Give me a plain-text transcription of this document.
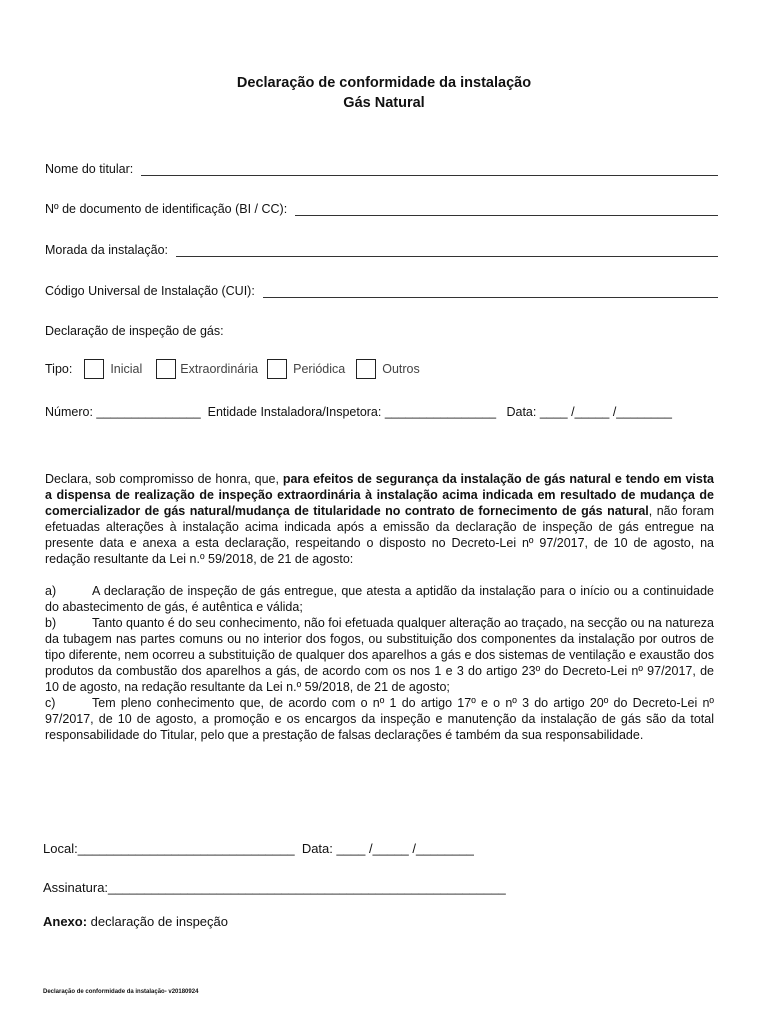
Declaração de conformidade da instalação
Gás Natural
Nome do titular:
Nº de documento de identificação (BI / CC):
Morada da instalação:
Código Universal de Instalação (CUI):
Declaração de inspeção de gás:
Tipo:	Inicial	Extraordinária	Periódica	Outros
Número: _______________  Entidade Instaladora/Inspetora: ________________   Data: ____ /_____ /________

Declara, sob compromisso de honra, que, para efeitos de segurança da instalação de gás natural e tendo em vista a dispensa de realização de inspeção extraordinária à instalação acima indicada em resultado de mudança de comercializador de gás natural/mudança de titularidade no contrato de fornecimento de gás natural, não foram efetuadas alterações à instalação acima indicada após a emissão da declaração de inspeção de gás entregue na presente data e anexa a esta declaração, respeitando o disposto no Decreto-Lei nº 97/2017, de 10 de agosto, na redação resultante da Lei n.º 59/2018, de 21 de agosto:

a)	A declaração de inspeção de gás entregue, que atesta a aptidão da instalação para o início ou a continuidade do abastecimento de gás, é autêntica e válida;

b)	Tanto quanto é do seu conhecimento, não foi efetuada qualquer alteração ao traçado, na secção ou na natureza da tubagem nas partes comuns ou no interior dos fogos, ou substituição dos componentes da instalação por outros de tipo diferente, nem ocorreu a substituição de qualquer dos aparelhos a gás e dos sistemas de ventilação e exaustão dos produtos da combustão dos aparelhos a gás, de acordo com os nos 1 e 3 do artigo 23º do Decreto-Lei nº 97/2017, de 10 de agosto, na redação resultante da Lei n.º 59/2018, de 21 de agosto;

c)	Tem pleno conhecimento que, de acordo com o nº 1 do artigo 17º e o nº 3 do artigo 20º do Decreto-Lei nº 97/2017, de 10 de agosto, a promoção e os encargos da inspeção e manutenção da instalação de gás são da total responsabilidade do Titular, pelo que a prestação de falsas declarações é também da sua responsabilidade.

Local:______________________________  Data: ____ /_____ /________
Assinatura:_______________________________________________________
Anexo: declaração de inspeção
Declaração de conformidade da instalação- v20180924
